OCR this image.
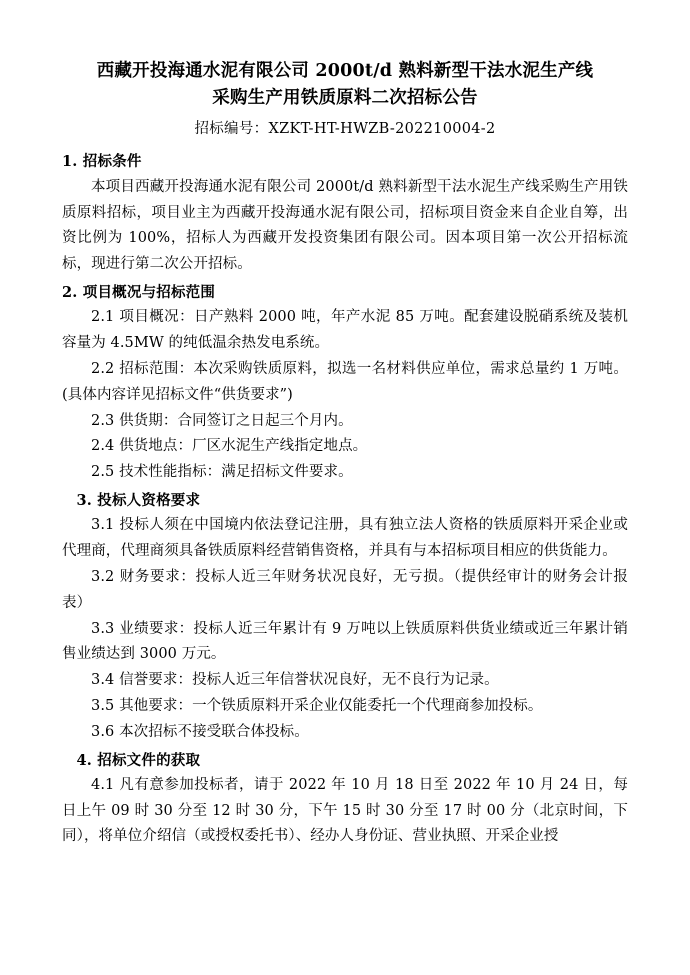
西藏开投海通水泥有限公司 2000t/d 熟料新型干法水泥生产线
采购生产用铁质原料二次招标公告
招标编号：XZKT-HT-HWZB-202210004-2

1. 招标条件

本项目西藏开投海通水泥有限公司 2000t/d 熟料新型干法水泥生产线采购生产用铁质原料招标，项目业主为西藏开投海通水泥有限公司，招标项目资金来自企业自筹，出资比例为 100%，招标人为西藏开发投资集团有限公司。因本项目第一次公开招标流标，现进行第二次公开招标。

2. 项目概况与招标范围

2.1 项目概况：日产熟料 2000 吨，年产水泥 85 万吨。配套建设脱硝系统及装机容量为 4.5MW 的纯低温余热发电系统。

2.2 招标范围：本次采购铁质原料，拟选一名材料供应单位，需求总量约 1 万吨。(具体内容详见招标文件“供货要求”)

2.3 供货期：合同签订之日起三个月内。

2.4 供货地点：厂区水泥生产线指定地点。

2.5 技术性能指标：满足招标文件要求。

3. 投标人资格要求

3.1 投标人须在中国境内依法登记注册，具有独立法人资格的铁质原料开采企业或代理商，代理商须具备铁质原料经营销售资格，并具有与本招标项目相应的供货能力。

3.2 财务要求：投标人近三年财务状况良好，无亏损。（提供经审计的财务会计报表）

3.3 业绩要求：投标人近三年累计有 9 万吨以上铁质原料供货业绩或近三年累计销售业绩达到 3000 万元。

3.4 信誉要求：投标人近三年信誉状况良好，无不良行为记录。

3.5 其他要求：一个铁质原料开采企业仅能委托一个代理商参加投标。

3.6 本次招标不接受联合体投标。

4. 招标文件的获取

4.1 凡有意参加投标者，请于 2022 年 10 月 18 日至 2022 年 10 月 24 日，每日上午 09 时 30 分至 12 时 30 分，下午 15 时 30 分至 17 时 00 分（北京时间，下同），将单位介绍信（或授权委托书）、经办人身份证、营业执照、开采企业授
